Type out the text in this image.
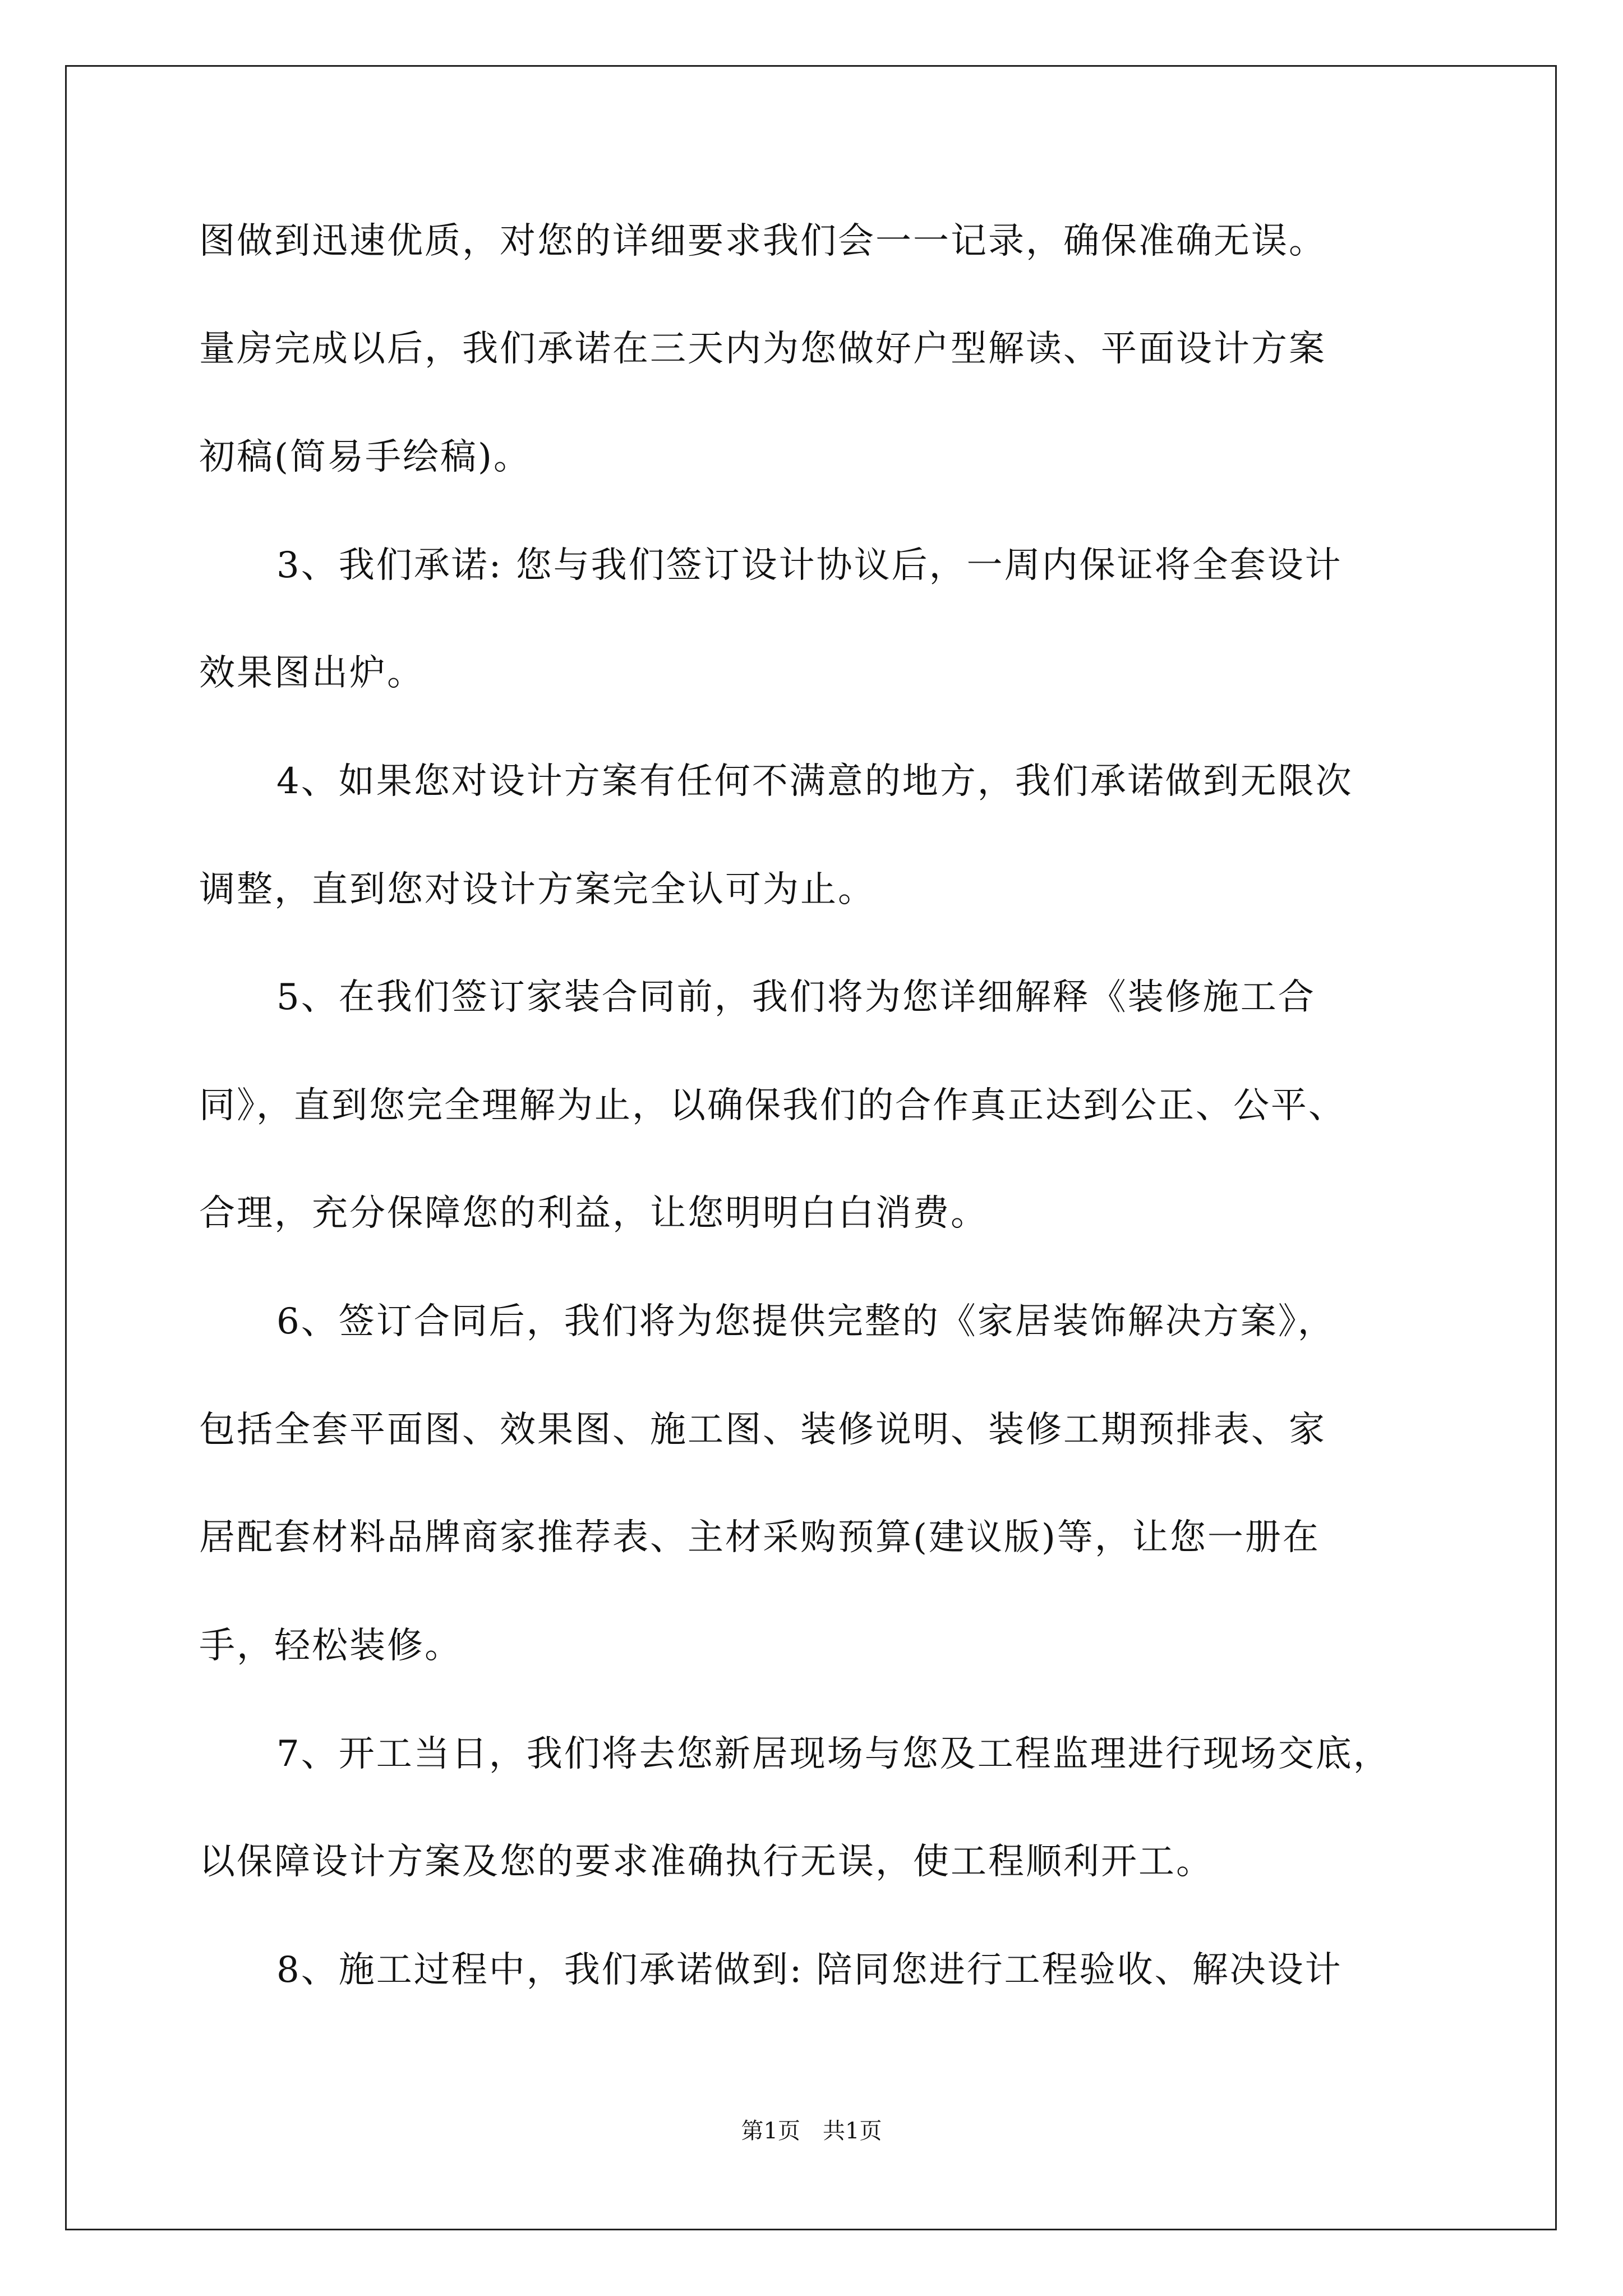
图做到迅速优质，对您的详细要求我们会一一记录，确保准确无误。
量房完成以后，我们承诺在三天内为您做好户型解读、平面设计方案
初稿(简易手绘稿)。
3、我们承诺: 您与我们签订设计协议后，一周内保证将全套设计
效果图出炉。
4、如果您对设计方案有任何不满意的地方，我们承诺做到无限次
调整，直到您对设计方案完全认可为止。
5、在我们签订家装合同前，我们将为您详细解释《装修施工合
同》，直到您完全理解为止，以确保我们的合作真正达到公正、公平、
合理，充分保障您的利益，让您明明白白消费。
6、签订合同后，我们将为您提供完整的《家居装饰解决方案》，
包括全套平面图、效果图、施工图、装修说明、装修工期预排表、家
居配套材料品牌商家推荐表、主材采购预算(建议版)等，让您一册在
手，轻松装修。
7、开工当日，我们将去您新居现场与您及工程监理进行现场交底，
以保障设计方案及您的要求准确执行无误，使工程顺利开工。
8、施工过程中，我们承诺做到: 陪同您进行工程验收、解决设计
第1页 共1页
